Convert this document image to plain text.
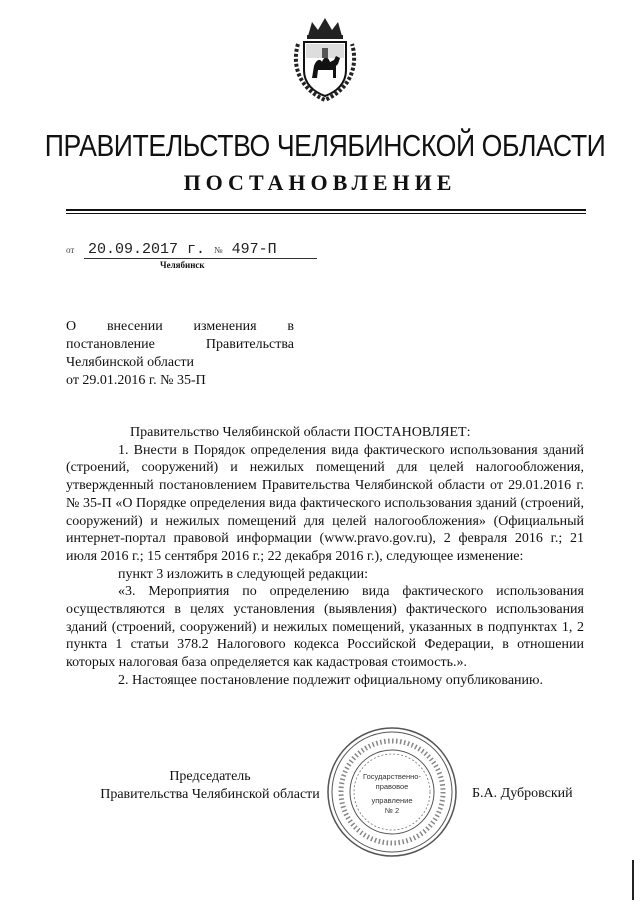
ПРАВИТЕЛЬСТВО ЧЕЛЯБИНСКОЙ ОБЛАСТИ
ПОСТАНОВЛЕНИЕ
от 20.09.2017 г. № 497-П
Челябинск
О внесении изменения в
постановление Правительства
Челябинской области
от 29.01.2016 г. № 35-П

Правительство Челябинской области ПОСТАНОВЛЯЕТ:

1. Внести в Порядок определения вида фактического использования зданий (строений, сооружений) и нежилых помещений для целей налогообложения, утвержденный постановлением Правительства Челябинской области от 29.01.2016 г. № 35-П «О Порядке определения вида фактического использования зданий (строений, сооружений) и нежилых помещений для целей налогообложения» (Официальный интернет-портал правовой информации (www.pravo.gov.ru), 2 февраля 2016 г.; 21 июля 2016 г.; 15 сентября 2016 г.; 22 декабря 2016 г.), следующее изменение:

пункт 3 изложить в следующей редакции:

«3. Мероприятия по определению вида фактического использования осуществляются в целях установления (выявления) фактического использования зданий (строений, сооружений) и нежилых помещений, указанных в подпунктах 1, 2 пункта 1 статьи 378.2 Налогового кодекса Российской Федерации, в отношении которых налоговая база определяется как кадастровая стоимость.».

2. Настоящее постановление подлежит официальному опубликованию.

Председатель
Правительства Челябинской области
Государственно-
правовое
управление
№ 2
Б.А. Дубровский
